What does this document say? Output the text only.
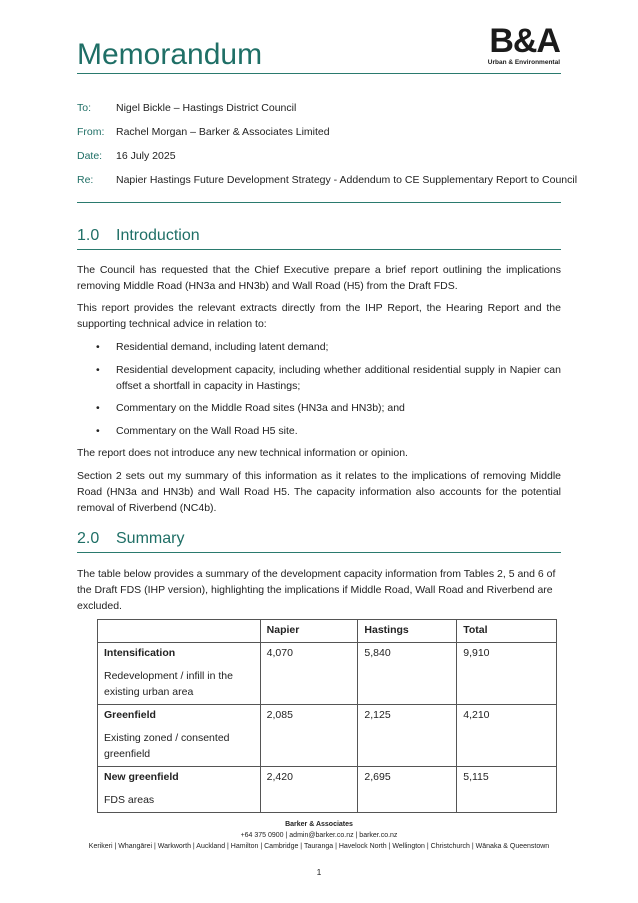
Memorandum	B&A
Urban & Environmental
To: Nigel Bickle – Hastings District Council
From: Rachel Morgan – Barker & Associates Limited
Date: 16 July 2025
Re: Napier Hastings Future Development Strategy - Addendum to CE Supplementary Report to Council
1.0 Introduction
The Council has requested that the Chief Executive prepare a brief report outlining the implications removing Middle Road (HN3a and HN3b) and Wall Road (H5) from the Draft FDS.
This report provides the relevant extracts directly from the IHP Report, the Hearing Report and the supporting technical advice in relation to:
• Residential demand, including latent demand;
• Residential development capacity, including whether additional residential supply in Napier can offset a shortfall in capacity in Hastings;
• Commentary on the Middle Road sites (HN3a and HN3b); and
• Commentary on the Wall Road H5 site.
The report does not introduce any new technical information or opinion.
Section 2 sets out my summary of this information as it relates to the implications of removing Middle Road (HN3a and HN3b) and Wall Road H5. The capacity information also accounts for the potential removal of Riverbend (NC4b).
2.0 Summary
The table below provides a summary of the development capacity information from Tables 2, 5 and 6 of the Draft FDS (IHP version), highlighting the implications if Middle Road, Wall Road and Riverbend are excluded.
	Napier	Hastings	Total

Intensification
Redevelopment / infill in the existing urban area	4,070	5,840	9,910

Greenfield
Existing zoned / consented greenfield	2,085	2,125	4,210

New greenfield
FDS areas	2,420	2,695	5,115
Barker & Associates
+64 375 0900 | admin@barker.co.nz | barker.co.nz
Kerikeri | Whangārei | Warkworth | Auckland | Hamilton | Cambridge | Tauranga | Havelock North | Wellington | Christchurch | Wānaka & Queenstown
1
